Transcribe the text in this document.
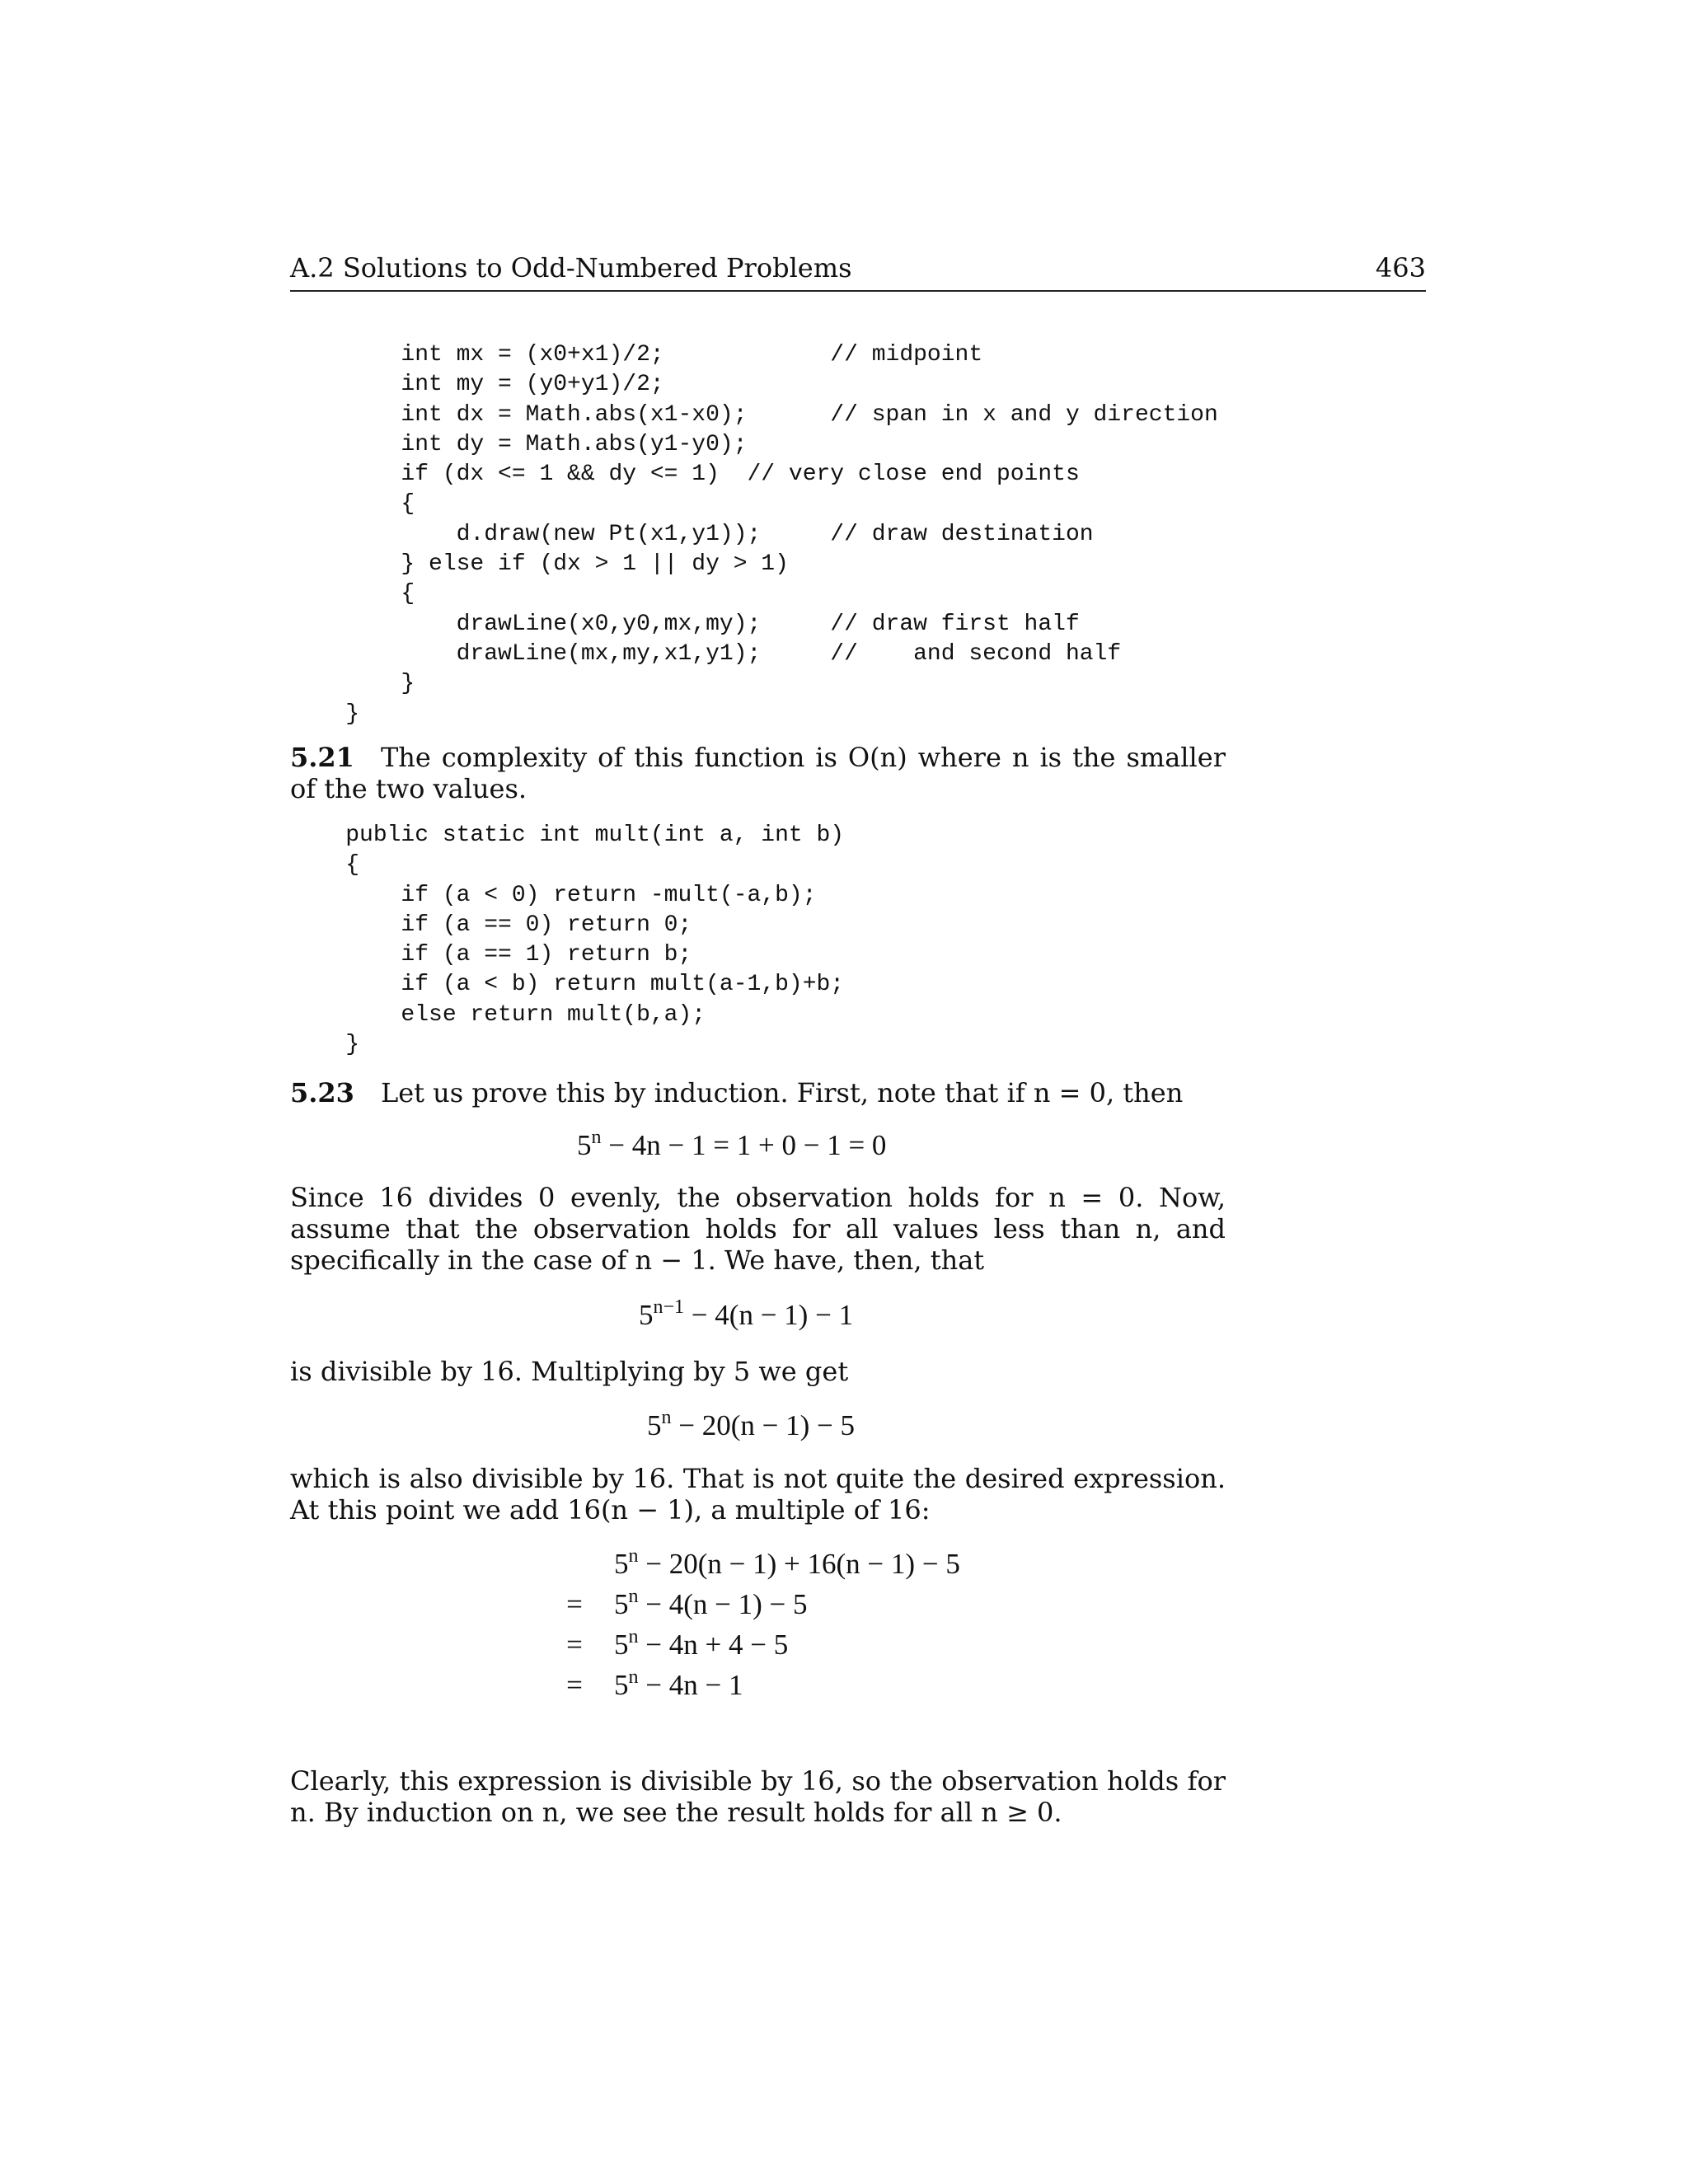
A.2 Solutions to Odd-Numbered Problems	463
int mx = (x0+x1)/2;            // midpoint
int my = (y0+y1)/2;
int dx = Math.abs(x1-x0);      // span in x and y direction
int dy = Math.abs(y1-y0);
if (dx <= 1 && dy <= 1)  // very close end points
{
d.draw(new Pt(x1,y1));     // draw destination
} else if (dx > 1 || dy > 1)
{
drawLine(x0,y0,mx,my);     // draw first half
drawLine(mx,my,x1,y1);     //    and second half
}
}

5.21 The complexity of this function is O(n) where n is the smaller of the two values.

public static int mult(int a, int b)
{
if (a < 0) return -mult(-a,b);
if (a == 0) return 0;
if (a == 1) return b;
if (a < b) return mult(a-1,b)+b;
else return mult(b,a);
}

5.23 Let us prove this by induction. First, note that if n = 0, then

$5^n - 4n - 1 = 1 + 0 - 1 = 0$

Since 16 divides 0 evenly, the observation holds for n = 0. Now, assume that the observation holds for all values less than n, and specifically in the case of n − 1. We have, then, that

$5^{n-1} - 4(n - 1) - 1$

is divisible by 16. Multiplying by 5 we get

$5^n - 20(n - 1) - 5$

which is also divisible by 16. That is not quite the desired expression. At this point we add 16(n − 1), a multiple of 16:

$5^n - 20(n - 1) + 16(n - 1) - 5$
= $5^n - 4(n - 1) - 5$
= $5^n - 4n + 4 - 5$
= $5^n - 4n - 1$

Clearly, this expression is divisible by 16, so the observation holds for n. By induction on n, we see the result holds for all n ≥ 0.
